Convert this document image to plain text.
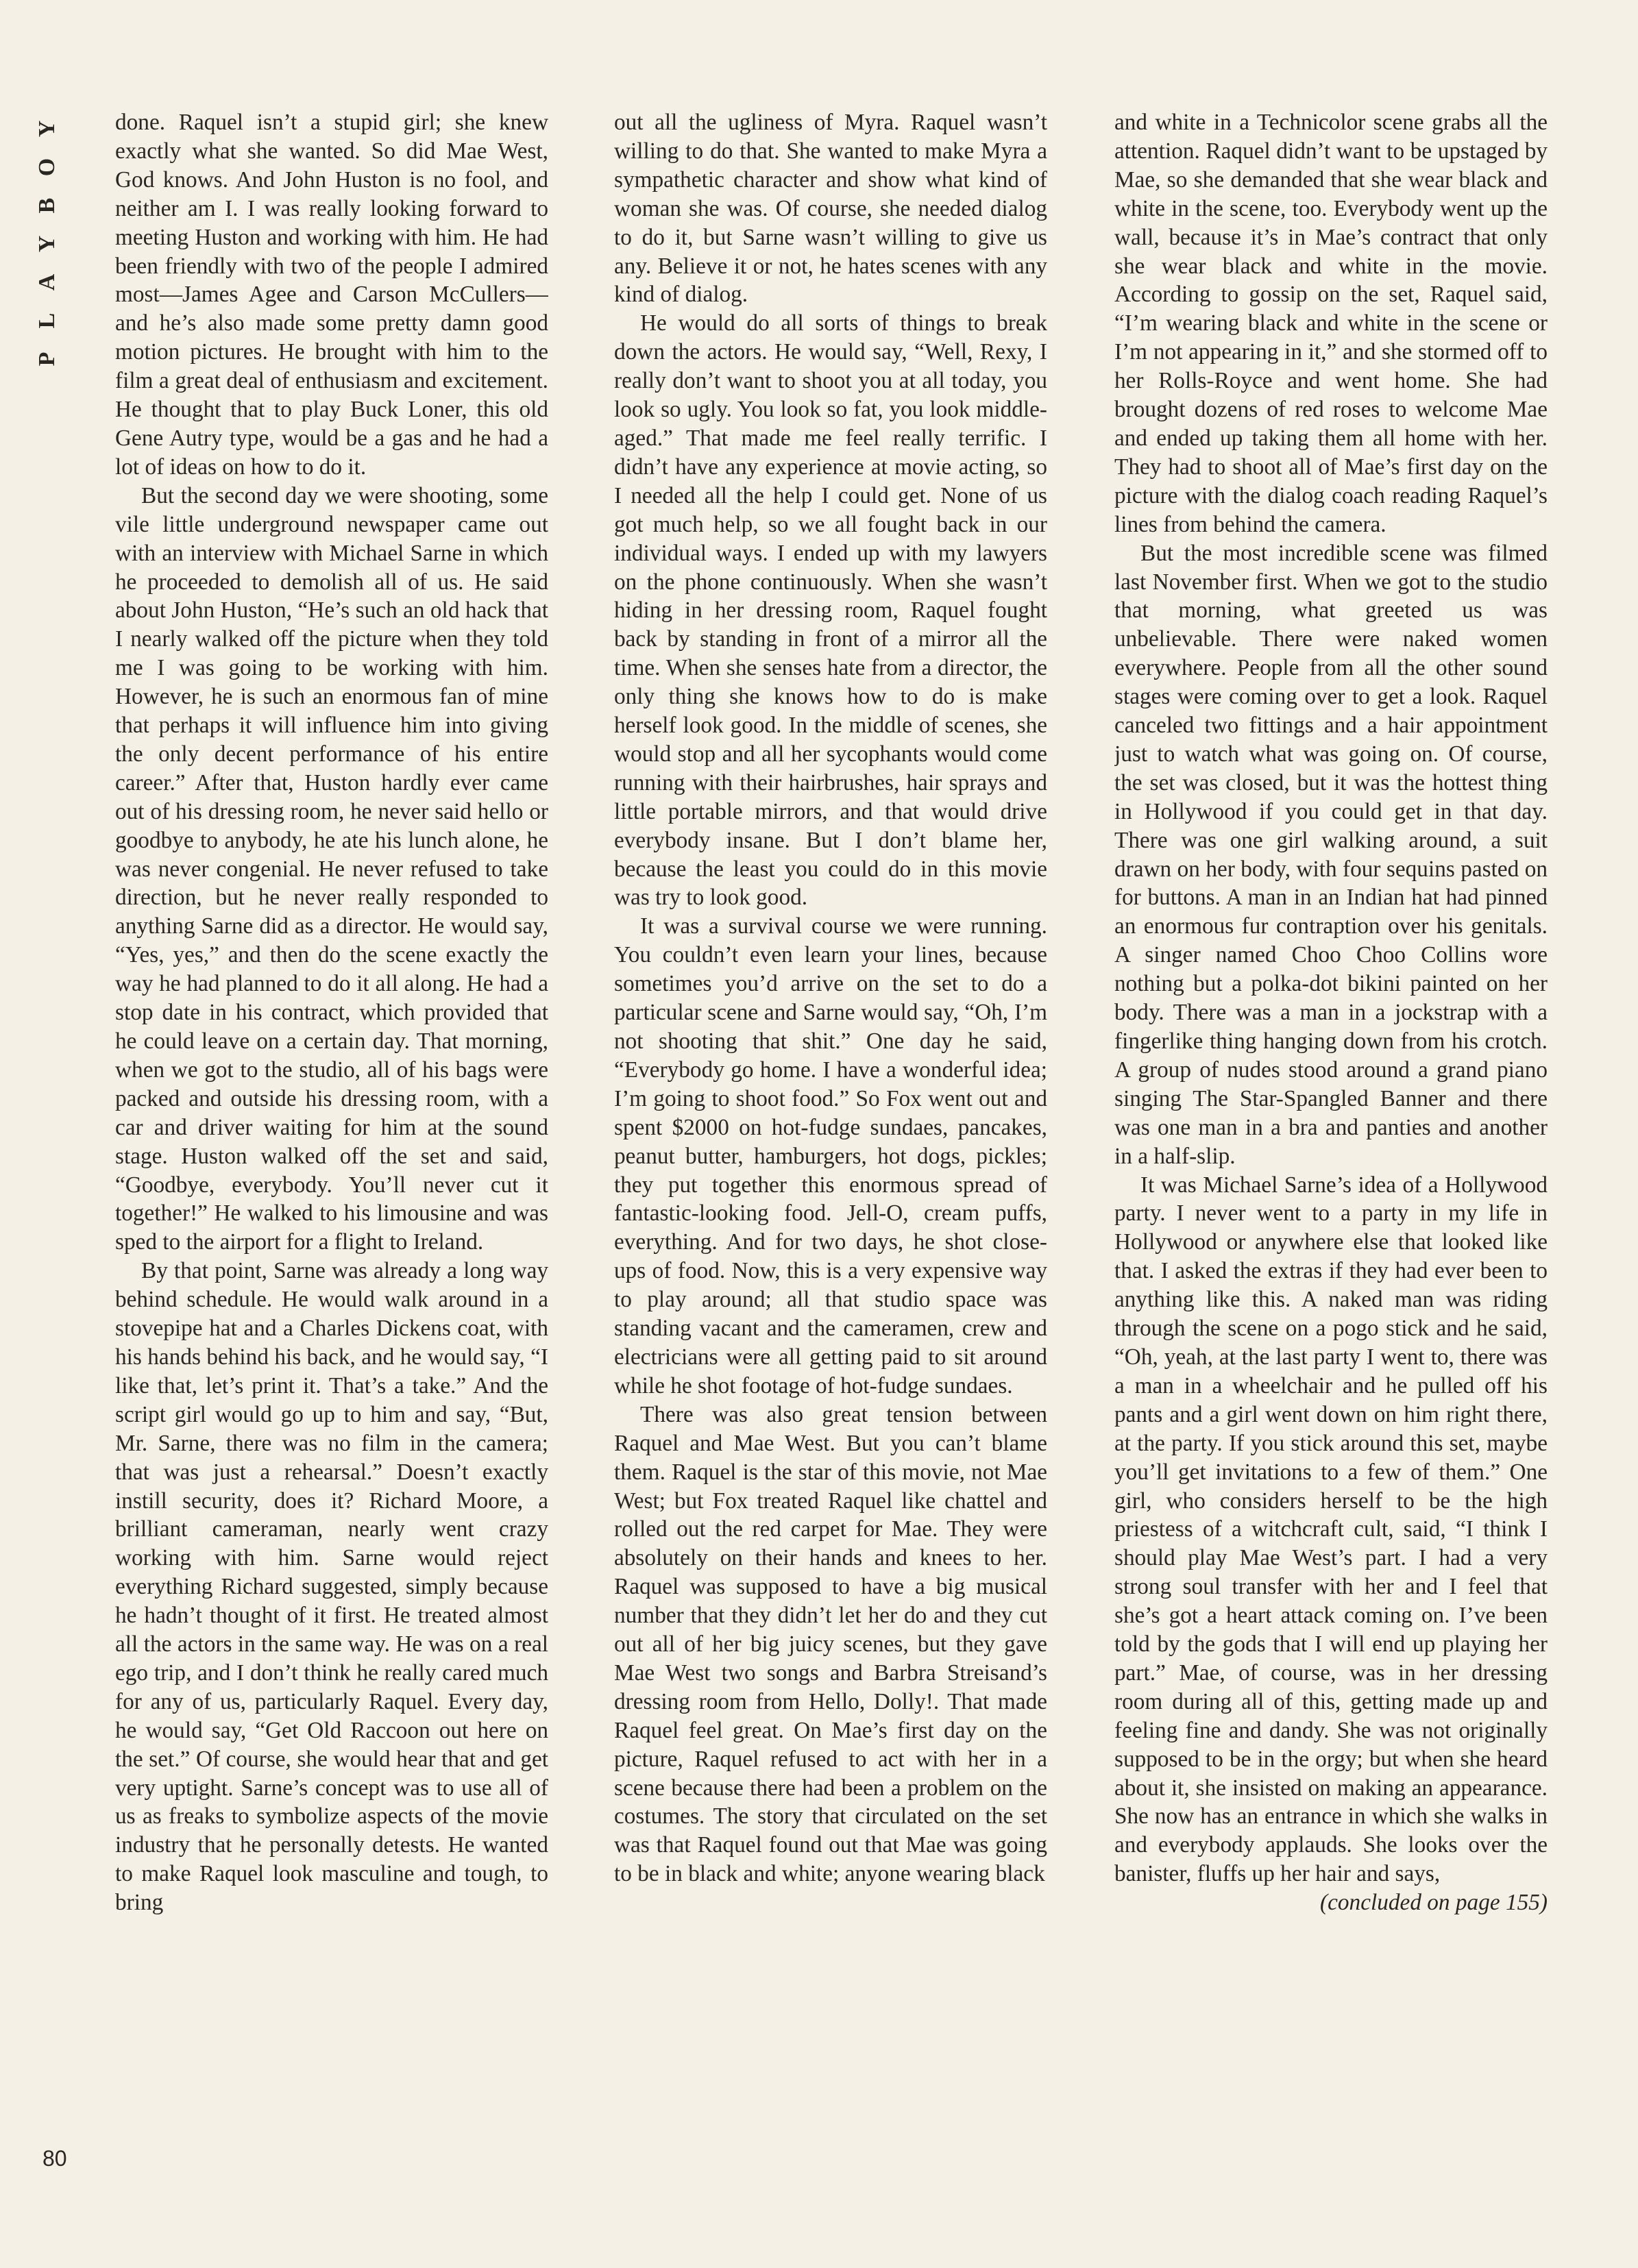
Y
O
B
Y
A
L
P

done. Raquel isn’t a stupid girl; she knew exactly what she wanted. So did Mae West, God knows. And John Huston is no fool, and neither am I. I was really looking forward to meeting Huston and working with him. He had been friendly with two of the people I admired most—James Agee and Carson McCullers—and he’s also made some pretty damn good motion pictures. He brought with him to the film a great deal of enthusiasm and excitement. He thought that to play Buck Loner, this old Gene Autry type, would be a gas and he had a lot of ideas on how to do it.

But the second day we were shooting, some vile little underground newspaper came out with an interview with Michael Sarne in which he proceeded to demolish all of us. He said about John Huston, “He’s such an old hack that I nearly walked off the picture when they told me I was going to be working with him. However, he is such an enormous fan of mine that perhaps it will influence him into giving the only decent performance of his entire career.” After that, Huston hardly ever came out of his dressing room, he never said hello or goodbye to anybody, he ate his lunch alone, he was never congenial. He never refused to take direction, but he never really responded to anything Sarne did as a director. He would say, “Yes, yes,” and then do the scene exactly the way he had planned to do it all along. He had a stop date in his contract, which provided that he could leave on a certain day. That morning, when we got to the studio, all of his bags were packed and outside his dressing room, with a car and driver waiting for him at the sound stage. Huston walked off the set and said, “Goodbye, everybody. You’ll never cut it together!” He walked to his limousine and was sped to the airport for a flight to Ireland.

By that point, Sarne was already a long way behind schedule. He would walk around in a stovepipe hat and a Charles Dickens coat, with his hands behind his back, and he would say, “I like that, let’s print it. That’s a take.” And the script girl would go up to him and say, “But, Mr. Sarne, there was no film in the camera; that was just a rehearsal.” Doesn’t exactly instill security, does it? Richard Moore, a brilliant cameraman, nearly went crazy working with him. Sarne would reject everything Richard suggested, simply because he hadn’t thought of it first. He treated almost all the actors in the same way. He was on a real ego trip, and I don’t think he really cared much for any of us, particularly Raquel. Every day, he would say, “Get Old Raccoon out here on the set.” Of course, she would hear that and get very uptight. Sarne’s concept was to use all of us as freaks to symbolize aspects of the movie industry that he personally detests. He wanted to make Raquel look masculine and tough, to bring

out all the ugliness of Myra. Raquel wasn’t willing to do that. She wanted to make Myra a sympathetic character and show what kind of woman she was. Of course, she needed dialog to do it, but Sarne wasn’t willing to give us any. Believe it or not, he hates scenes with any kind of dialog.

He would do all sorts of things to break down the actors. He would say, “Well, Rexy, I really don’t want to shoot you at all today, you look so ugly. You look so fat, you look middle-aged.” That made me feel really terrific. I didn’t have any experience at movie acting, so I needed all the help I could get. None of us got much help, so we all fought back in our individual ways. I ended up with my lawyers on the phone continuously. When she wasn’t hiding in her dressing room, Raquel fought back by standing in front of a mirror all the time. When she senses hate from a director, the only thing she knows how to do is make herself look good. In the middle of scenes, she would stop and all her sycophants would come running with their hairbrushes, hair sprays and little portable mirrors, and that would drive everybody insane. But I don’t blame her, because the least you could do in this movie was try to look good.

It was a survival course we were running. You couldn’t even learn your lines, because sometimes you’d arrive on the set to do a particular scene and Sarne would say, “Oh, I’m not shooting that shit.” One day he said, “Everybody go home. I have a wonderful idea; I’m going to shoot food.” So Fox went out and spent $2000 on hot-fudge sundaes, pancakes, peanut butter, hamburgers, hot dogs, pickles; they put together this enormous spread of fantastic-looking food. Jell-O, cream puffs, everything. And for two days, he shot close-ups of food. Now, this is a very expensive way to play around; all that studio space was standing vacant and the cameramen, crew and electricians were all getting paid to sit around while he shot footage of hot-fudge sundaes.

There was also great tension between Raquel and Mae West. But you can’t blame them. Raquel is the star of this movie, not Mae West; but Fox treated Raquel like chattel and rolled out the red carpet for Mae. They were absolutely on their hands and knees to her. Raquel was supposed to have a big musical number that they didn’t let her do and they cut out all of her big juicy scenes, but they gave Mae West two songs and Barbra Streisand’s dressing room from Hello, Dolly!. That made Raquel feel great. On Mae’s first day on the picture, Raquel refused to act with her in a scene because there had been a problem on the costumes. The story that circulated on the set was that Raquel found out that Mae was going to be in black and white; anyone wearing black

and white in a Technicolor scene grabs all the attention. Raquel didn’t want to be upstaged by Mae, so she demanded that she wear black and white in the scene, too. Everybody went up the wall, because it’s in Mae’s contract that only she wear black and white in the movie. According to gossip on the set, Raquel said, “I’m wearing black and white in the scene or I’m not appearing in it,” and she stormed off to her Rolls-Royce and went home. She had brought dozens of red roses to welcome Mae and ended up taking them all home with her. They had to shoot all of Mae’s first day on the picture with the dialog coach reading Raquel’s lines from behind the camera.

But the most incredible scene was filmed last November first. When we got to the studio that morning, what greeted us was unbelievable. There were naked women everywhere. People from all the other sound stages were coming over to get a look. Raquel canceled two fittings and a hair appointment just to watch what was going on. Of course, the set was closed, but it was the hottest thing in Hollywood if you could get in that day. There was one girl walking around, a suit drawn on her body, with four sequins pasted on for buttons. A man in an Indian hat had pinned an enormous fur contraption over his genitals. A singer named Choo Choo Collins wore nothing but a polka-dot bikini painted on her body. There was a man in a jockstrap with a fingerlike thing hanging down from his crotch. A group of nudes stood around a grand piano singing The Star-Spangled Banner and there was one man in a bra and panties and another in a half-slip.

It was Michael Sarne’s idea of a Hollywood party. I never went to a party in my life in Hollywood or anywhere else that looked like that. I asked the extras if they had ever been to anything like this. A naked man was riding through the scene on a pogo stick and he said, “Oh, yeah, at the last party I went to, there was a man in a wheelchair and he pulled off his pants and a girl went down on him right there, at the party. If you stick around this set, maybe you’ll get invitations to a few of them.” One girl, who considers herself to be the high priestess of a witchcraft cult, said, “I think I should play Mae West’s part. I had a very strong soul transfer with her and I feel that she’s got a heart attack coming on. I’ve been told by the gods that I will end up playing her part.” Mae, of course, was in her dressing room during all of this, getting made up and feeling fine and dandy. She was not originally supposed to be in the orgy; but when she heard about it, she insisted on making an appearance. She now has an entrance in which she walks in and everybody applauds. She looks over the banister, fluffs up her hair and says,

(concluded on page 155)

80
